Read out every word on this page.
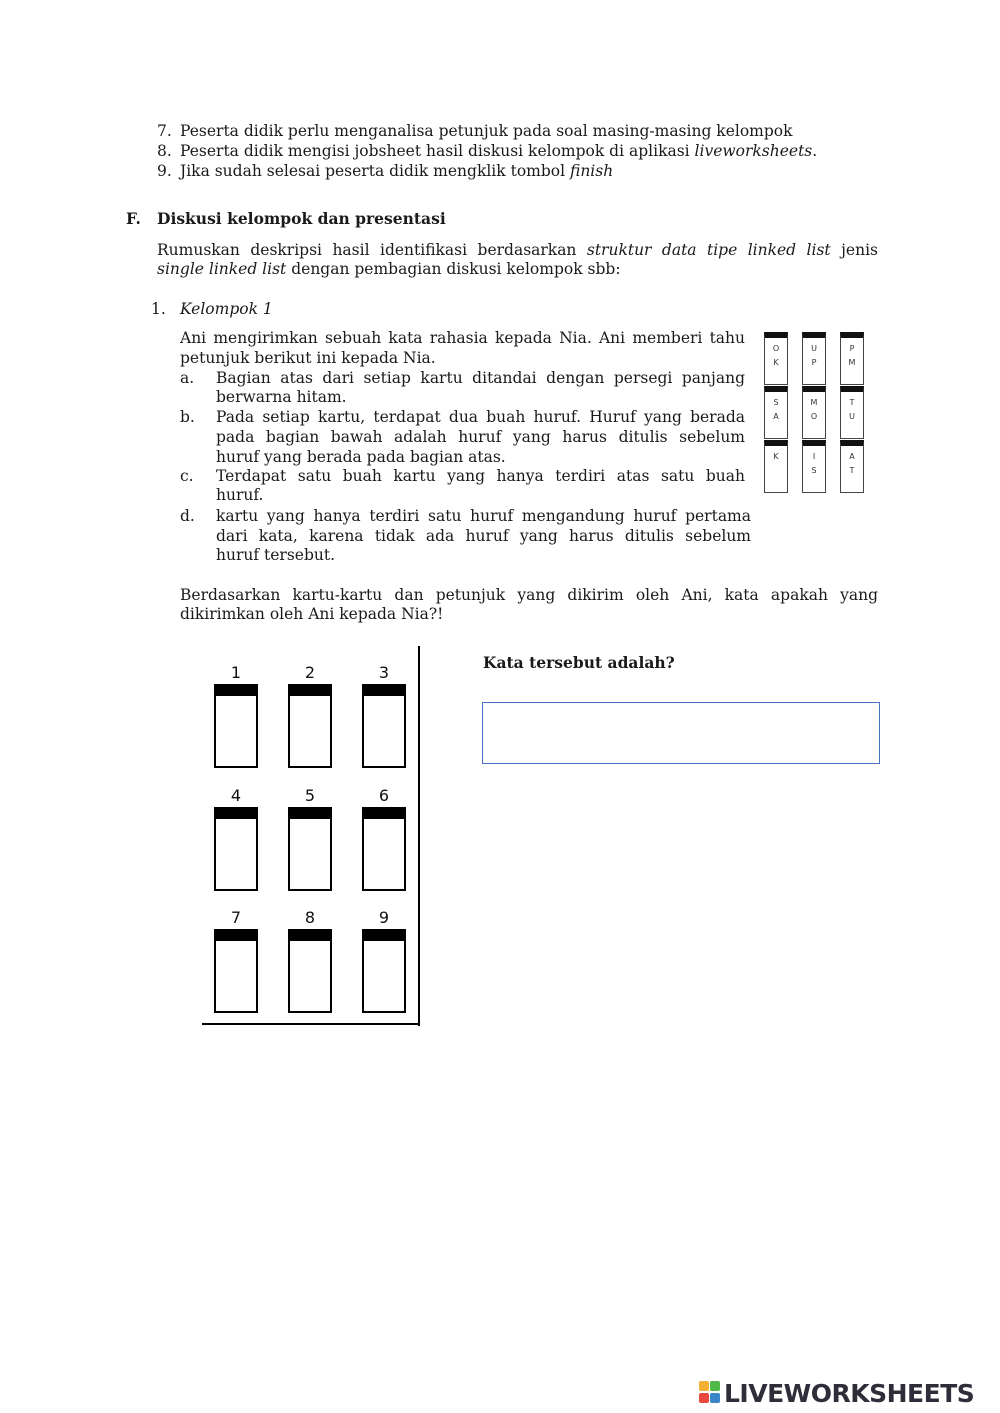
7. Peserta didik perlu menganalisa petunjuk pada soal masing-masing kelompok
8. Peserta didik mengisi jobsheet hasil diskusi kelompok di aplikasi liveworksheets.
9. Jika sudah selesai peserta didik mengklik tombol finish
F. Diskusi kelompok dan presentasi
Rumuskan deskripsi hasil identifikasi berdasarkan struktur data tipe linked list jenis
single linked list dengan pembagian diskusi kelompok sbb:
1. Kelompok 1
Ani mengirimkan sebuah kata rahasia kepada Nia. Ani memberi tahu
petunjuk berikut ini kepada Nia.
a. Bagian atas dari setiap kartu ditandai dengan persegi panjang
berwarna hitam.
b. Pada setiap kartu, terdapat dua buah huruf. Huruf yang berada
pada bagian bawah adalah huruf yang harus ditulis sebelum
huruf yang berada pada bagian atas.
c. Terdapat satu buah kartu yang hanya terdiri atas satu buah
huruf.
d. kartu yang hanya terdiri satu huruf mengandung huruf pertama
dari kata, karena tidak ada huruf yang harus ditulis sebelum
huruf tersebut.
Berdasarkan kartu-kartu dan petunjuk yang dikirim oleh Ani, kata apakah yang
dikirimkan oleh Ani kepada Nia?!
O
K
U
P
P
M
S
A
M
O
T
U
K	I
S
A
T
1	2	3
4	5	6
7	8	9
Kata tersebut adalah?
LIVEWORKSHEETS
